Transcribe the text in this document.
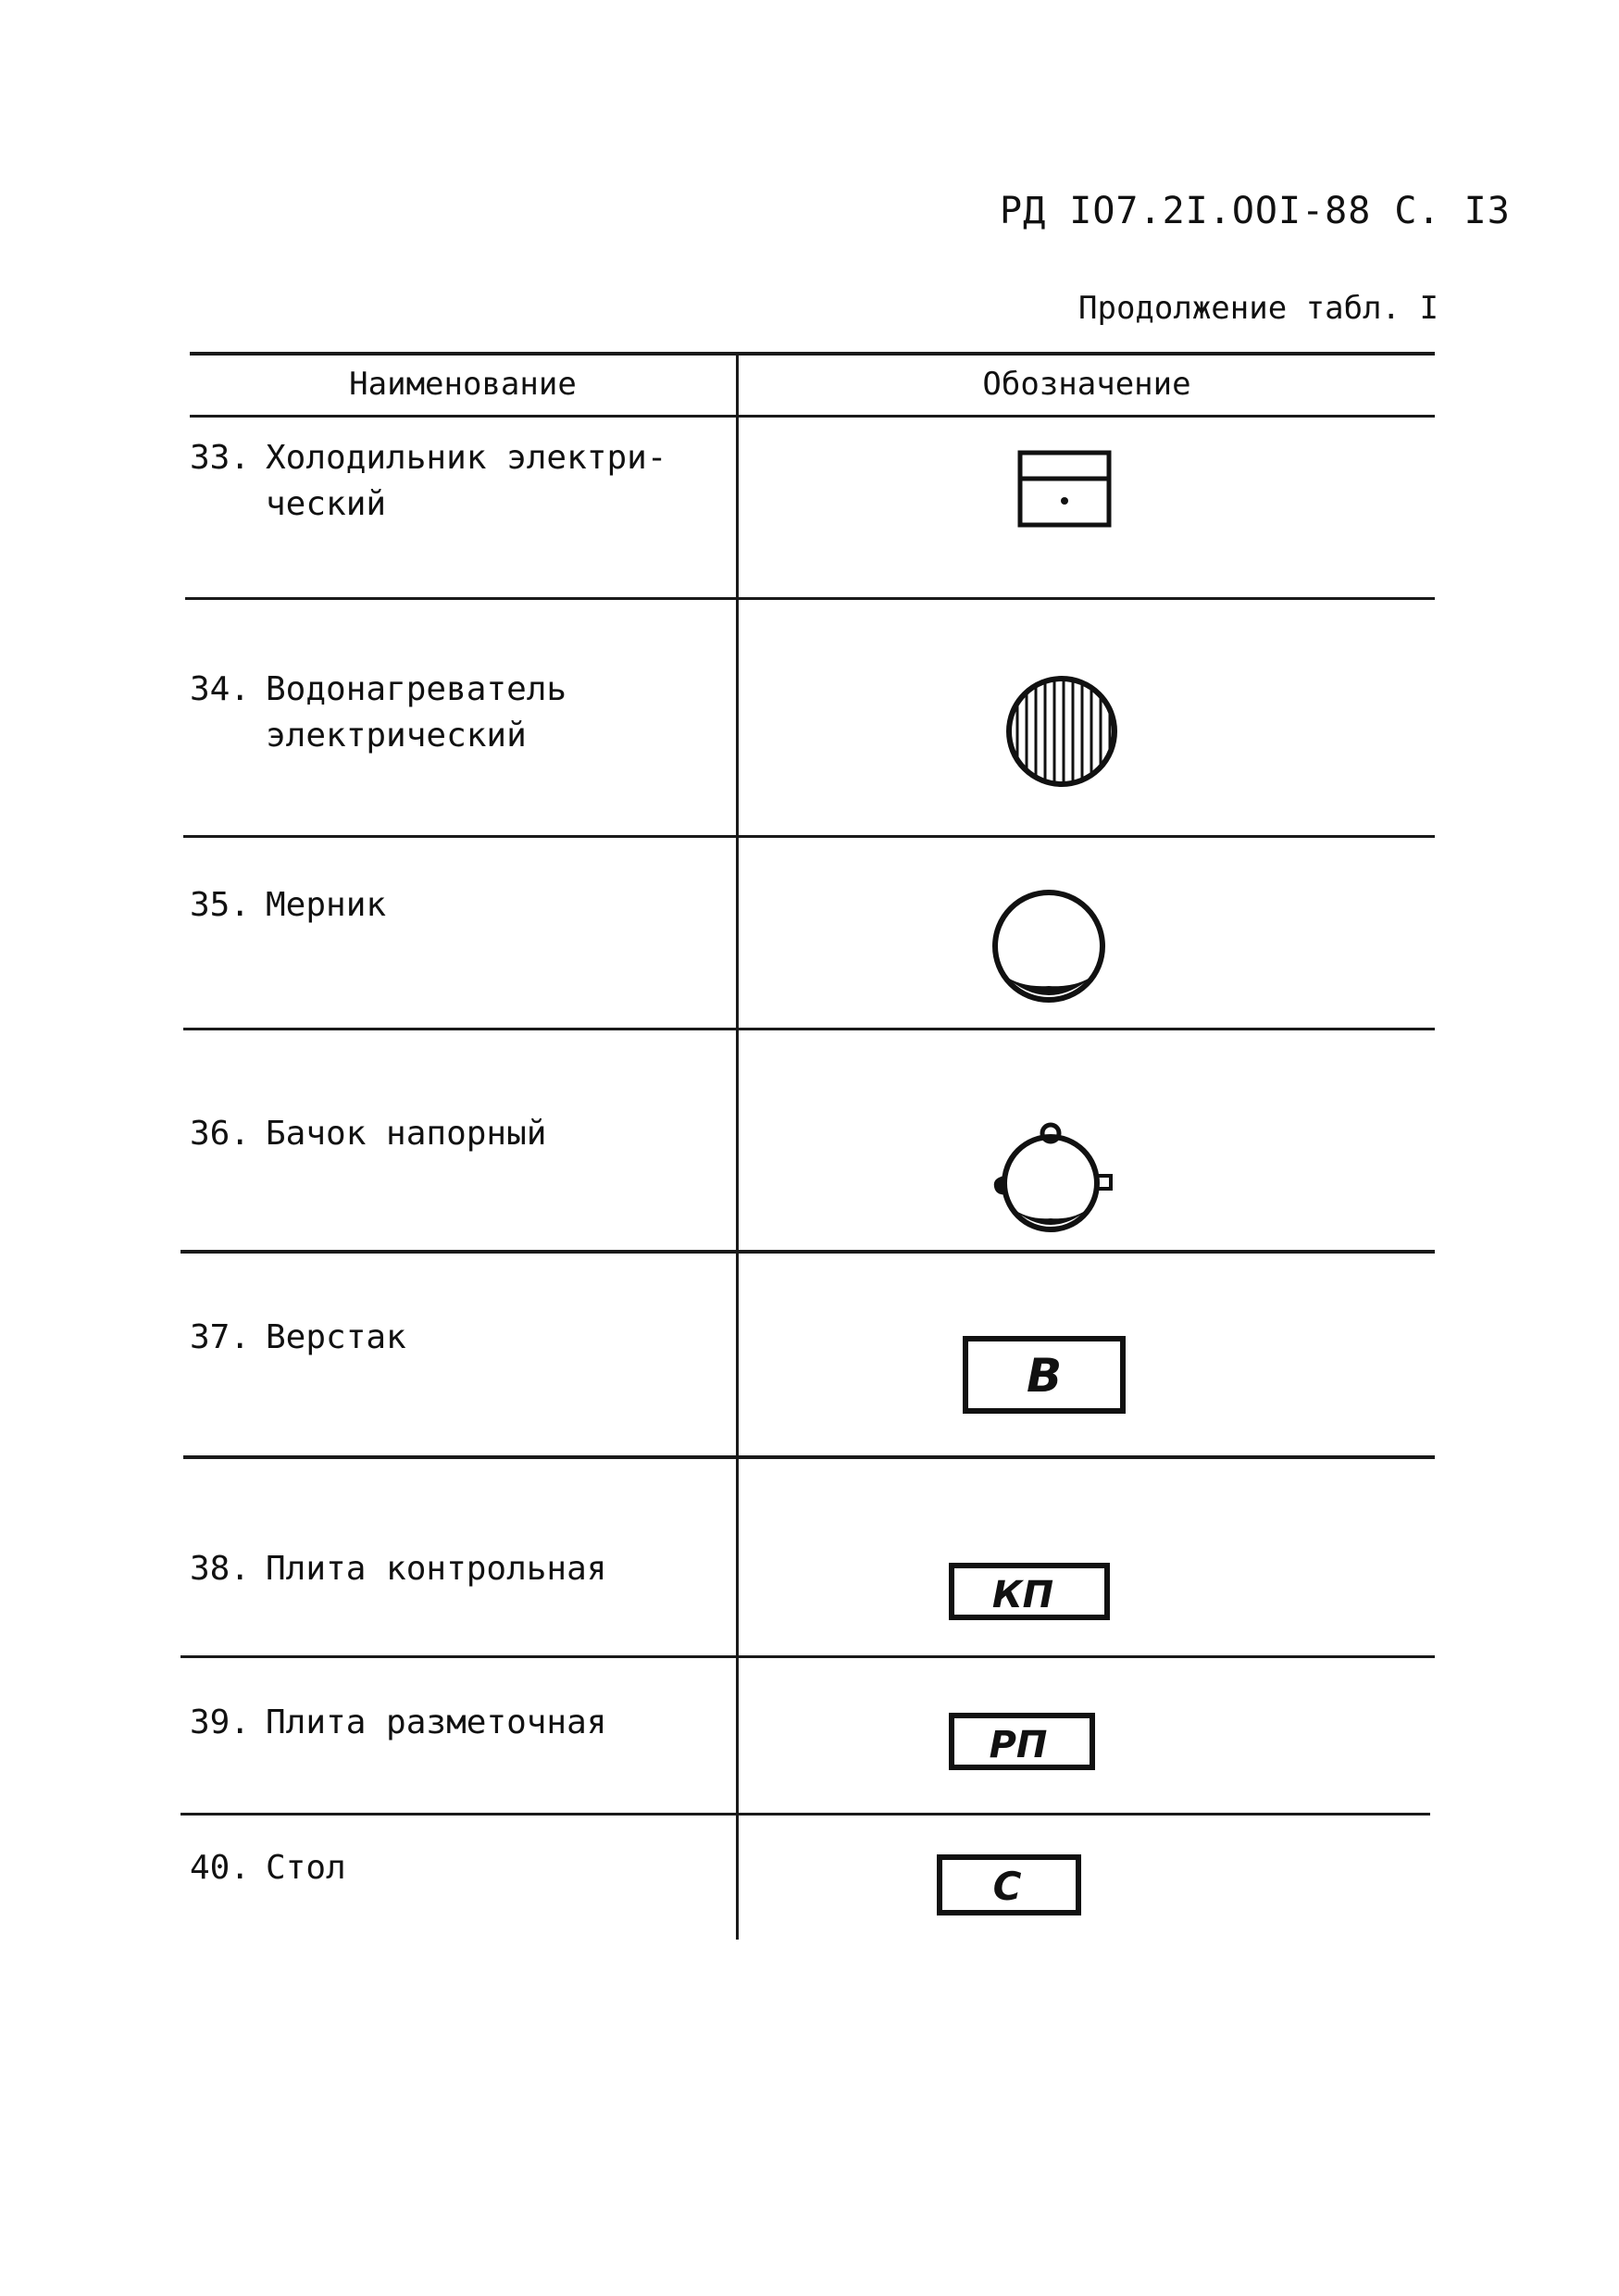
РД IO7.2I.OOI-88 С. I3
Продолжение табл. I
Наименование	Обозначение
33. Холодильник электри-
ческий
34. Водонагреватель
электрический
35. Мерник
36. Бачок напорный
37. Верстак
В
38. Плита контрольная
КП
39. Плита разметочная
РП
40. Стол	С
